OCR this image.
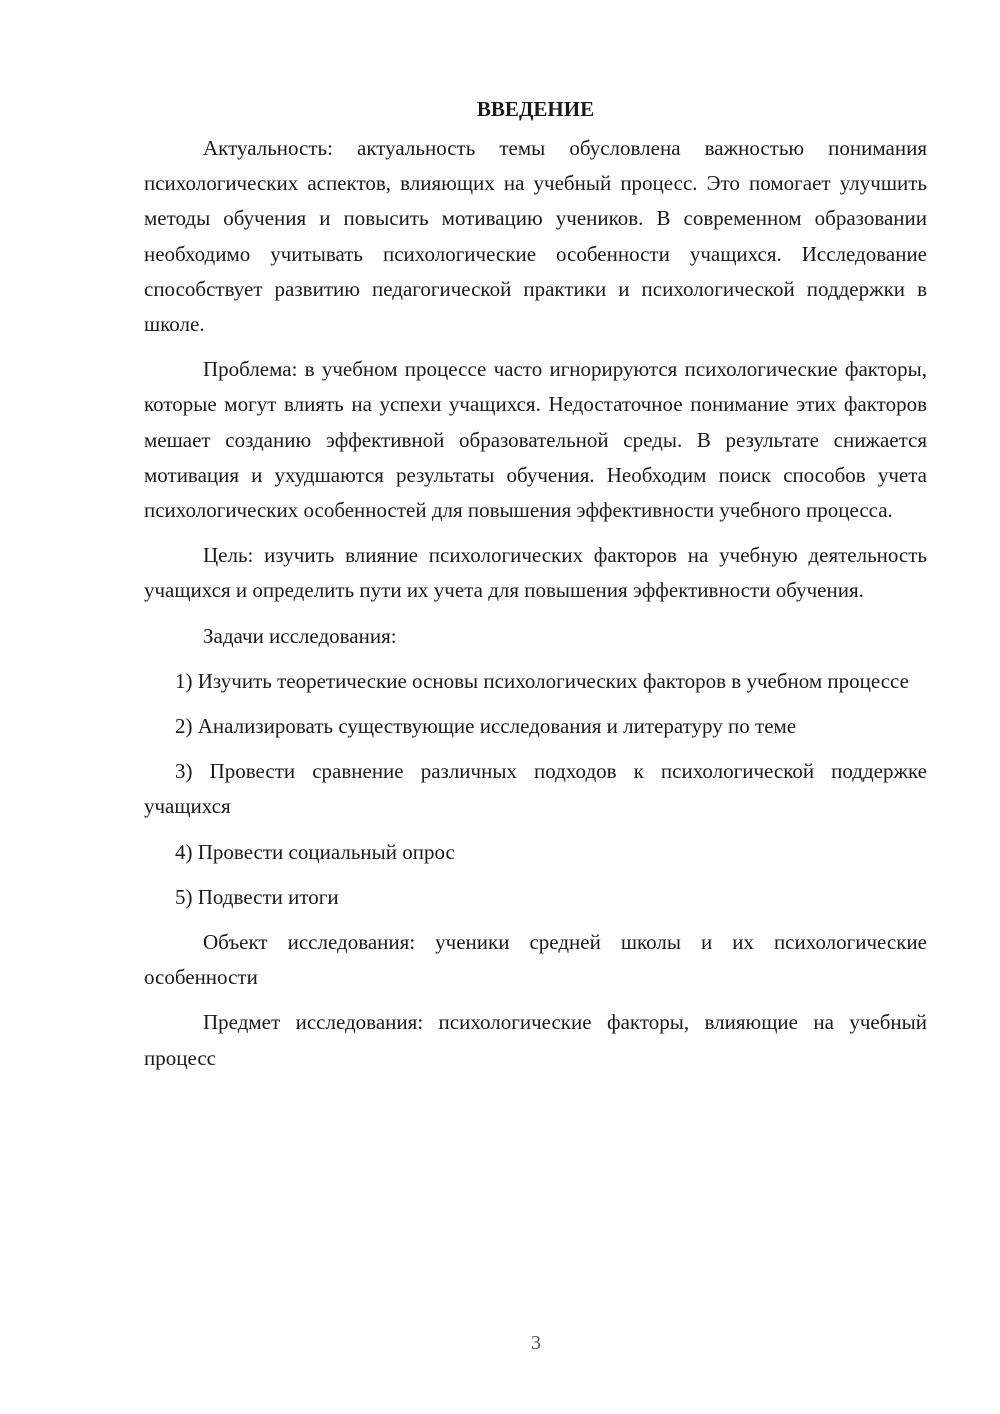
ВВЕДЕНИЕ

Актуальность: актуальность темы обусловлена важностью понимания психологических аспектов, влияющих на учебный процесс. Это помогает улучшить методы обучения и повысить мотивацию учеников. В современном образовании необходимо учитывать психологические особенности учащихся. Исследование способствует развитию педагогической практики и психологической поддержки в школе.

Проблема: в учебном процессе часто игнорируются психологические факторы, которые могут влиять на успехи учащихся. Недостаточное понимание этих факторов мешает созданию эффективной образовательной среды. В результате снижается мотивация и ухудшаются результаты обучения. Необходим поиск способов учета психологических особенностей для повышения эффективности учебного процесса.

Цель: изучить влияние психологических факторов на учебную деятельность учащихся и определить пути их учета для повышения эффективности обучения.

Задачи исследования:

1) Изучить теоретические основы психологических факторов в учебном процессе

2) Анализировать существующие исследования и литературу по теме

3) Провести сравнение различных подходов к психологической поддержке учащихся

4) Провести социальный опрос

5) Подвести итоги

Объект исследования: ученики средней школы и их психологические особенности

Предмет исследования: психологические факторы, влияющие на учебный процесс

3
